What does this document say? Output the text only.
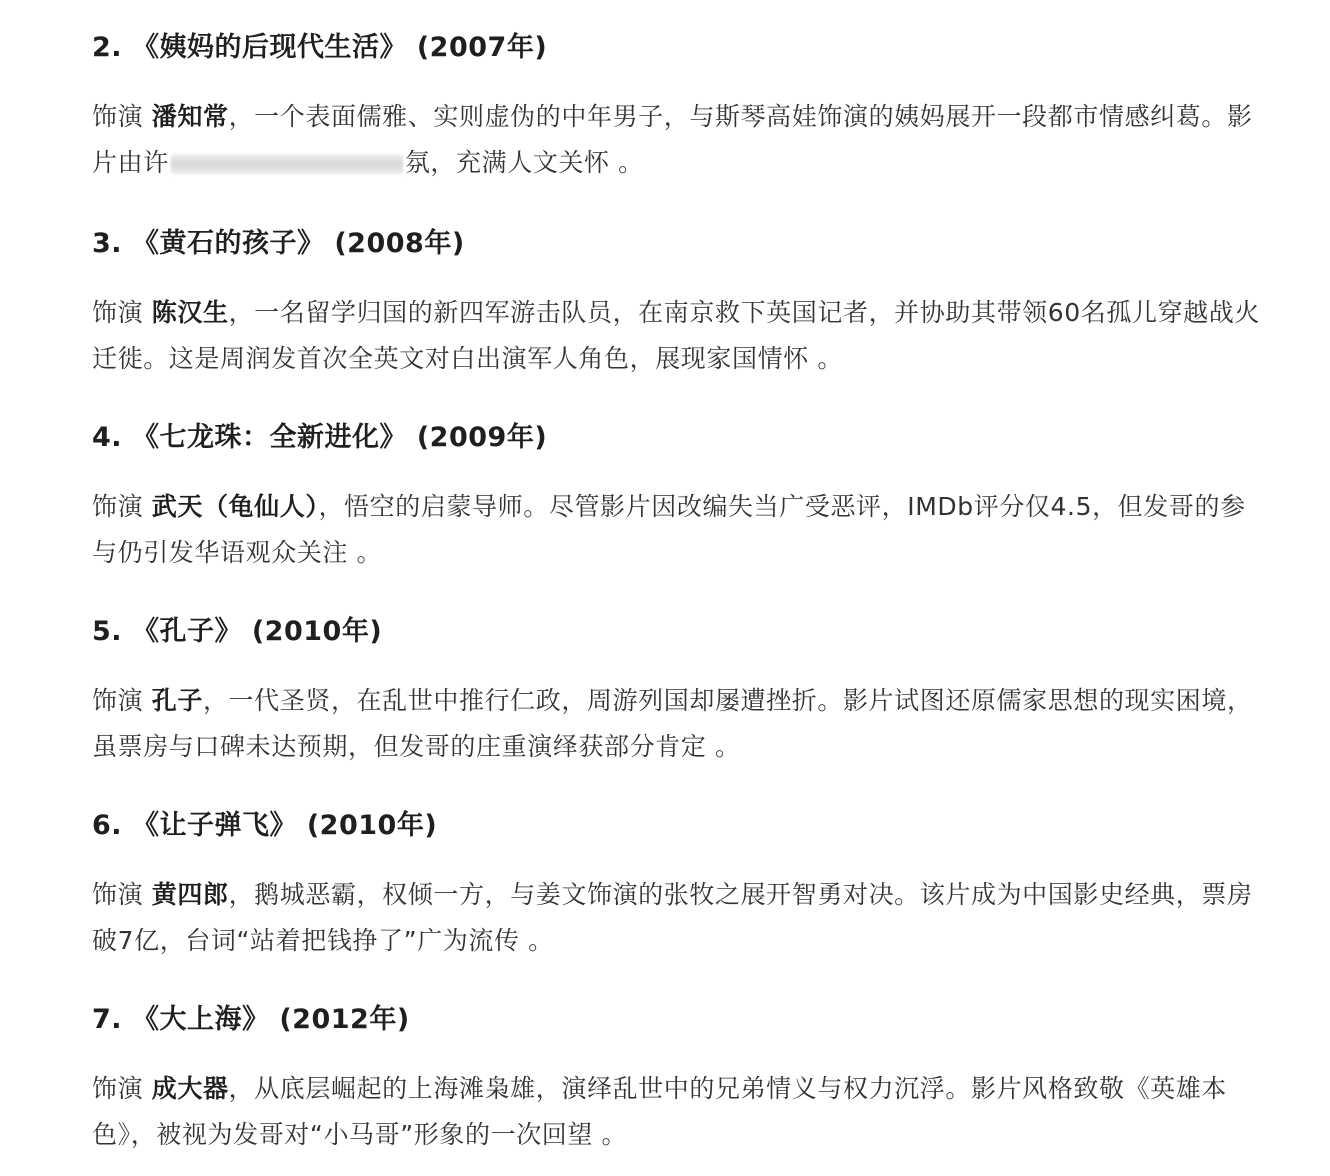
2. 《姨妈的后现代生活》 (2007年)
饰演 潘知常，一个表面儒雅、实则虚伪的中年男子，与斯琴高娃饰演的姨妈展开一段都市情感纠葛。影片由许	氛，充满人文关怀 。
3. 《黄石的孩子》 (2008年)
饰演 陈汉生，一名留学归国的新四军游击队员，在南京救下英国记者，并协助其带领60名孤儿穿越战火迁徙。这是周润发首次全英文对白出演军人角色，展现家国情怀 。
4. 《七龙珠：全新进化》 (2009年)
饰演 武天（龟仙人），悟空的启蒙导师。尽管影片因改编失当广受恶评，IMDb评分仅4.5，但发哥的参与仍引发华语观众关注 。
5. 《孔子》 (2010年)
饰演 孔子，一代圣贤，在乱世中推行仁政，周游列国却屡遭挫折。影片试图还原儒家思想的现实困境，虽票房与口碑未达预期，但发哥的庄重演绎获部分肯定 。
6. 《让子弹飞》 (2010年)
饰演 黄四郎，鹅城恶霸，权倾一方，与姜文饰演的张牧之展开智勇对决。该片成为中国影史经典，票房破7亿，台词“站着把钱挣了”广为流传 。
7. 《大上海》 (2012年)
饰演 成大器，从底层崛起的上海滩枭雄，演绎乱世中的兄弟情义与权力沉浮。影片风格致敬《英雄本色》，被视为发哥对“小马哥”形象的一次回望 。
